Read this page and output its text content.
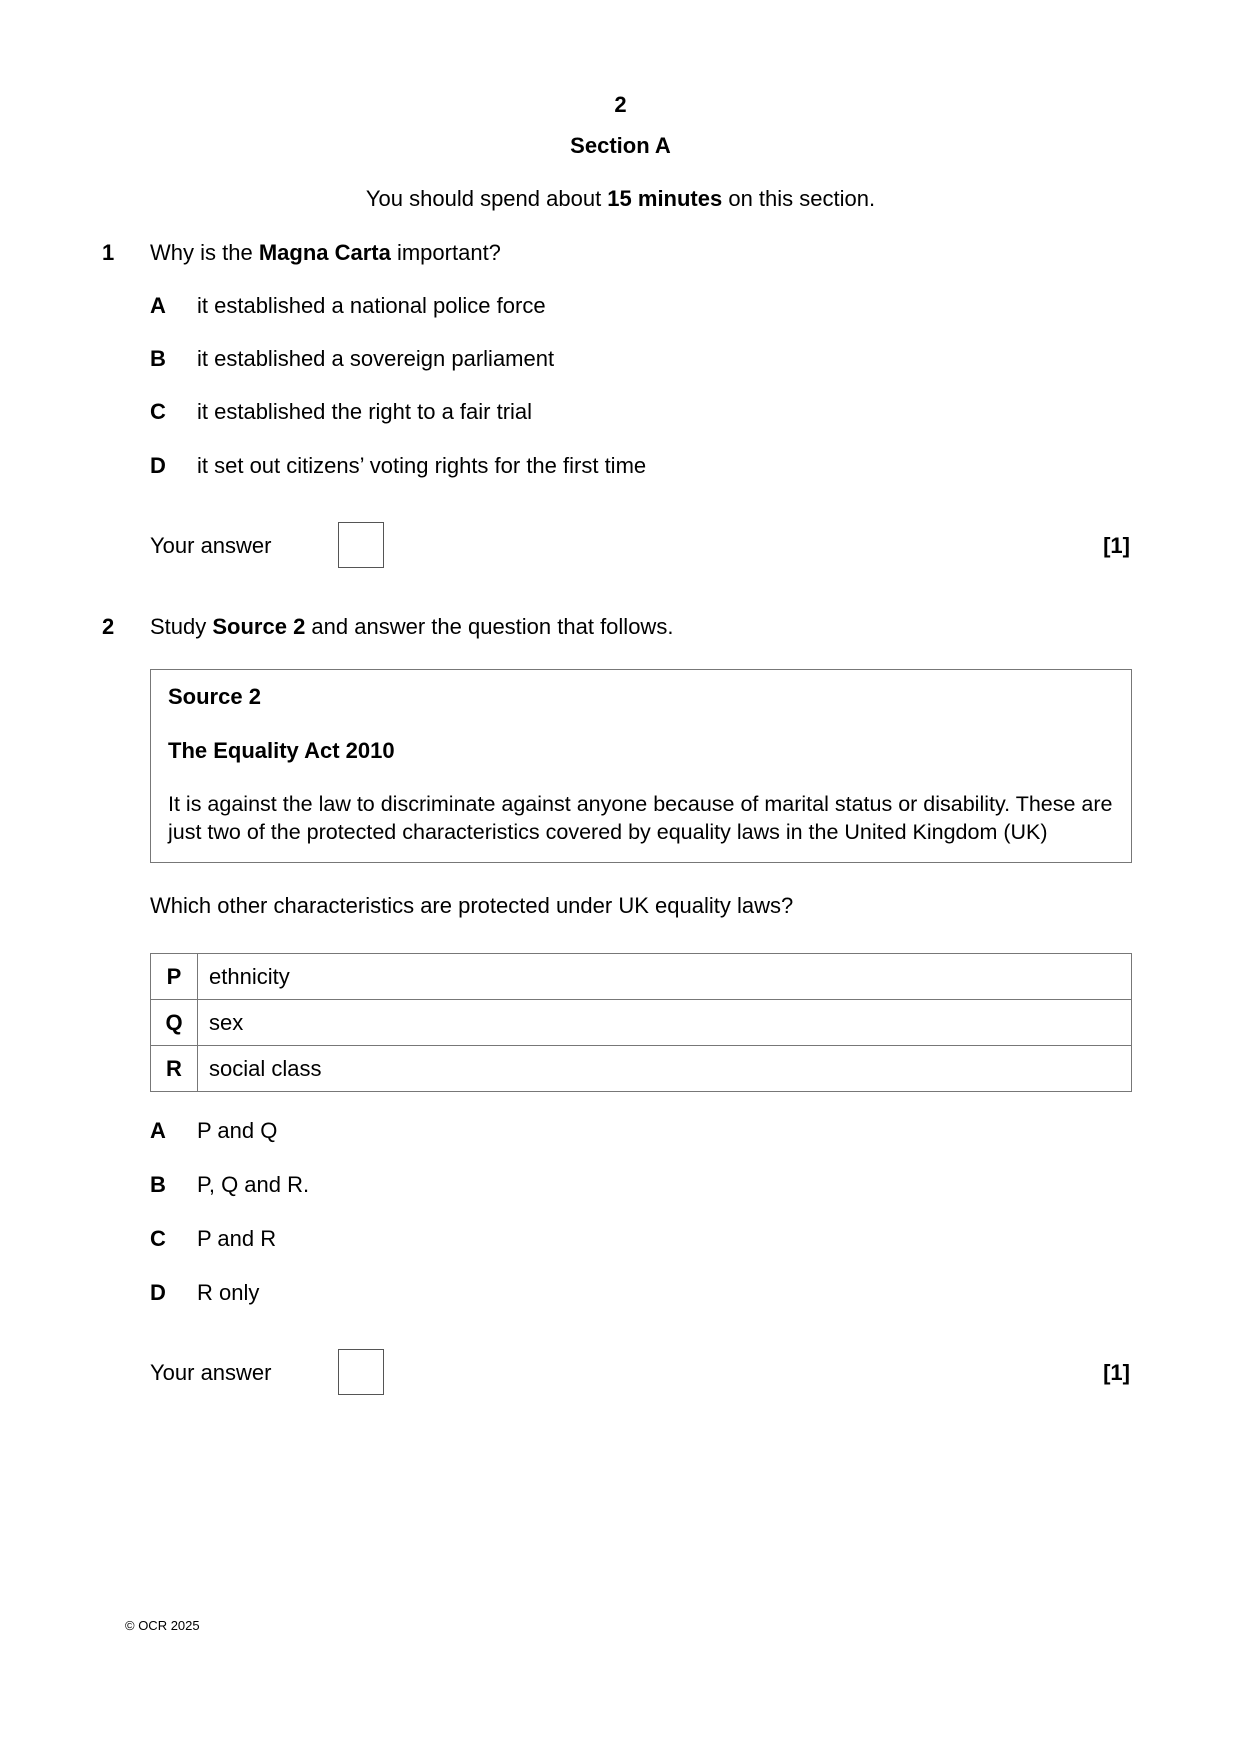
2
Section A
You should spend about 15 minutes on this section.
1 Why is the Magna Carta important?
A it established a national police force
B it established a sovereign parliament
C it established the right to a fair trial
D it set out citizens’ voting rights for the first time
Your answer	[1]
2 Study Source 2 and answer the question that follows.
Source 2
The Equality Act 2010
It is against the law to discriminate against anyone because of marital status or disability. These are just two of the protected characteristics covered by equality laws in the United Kingdom (UK)
Which other characteristics are protected under UK equality laws?
P	ethnicity
Q	sex
R	social class
A P and Q
B P, Q and R.
C P and R
D R only
Your answer	[1]
© OCR 2025
